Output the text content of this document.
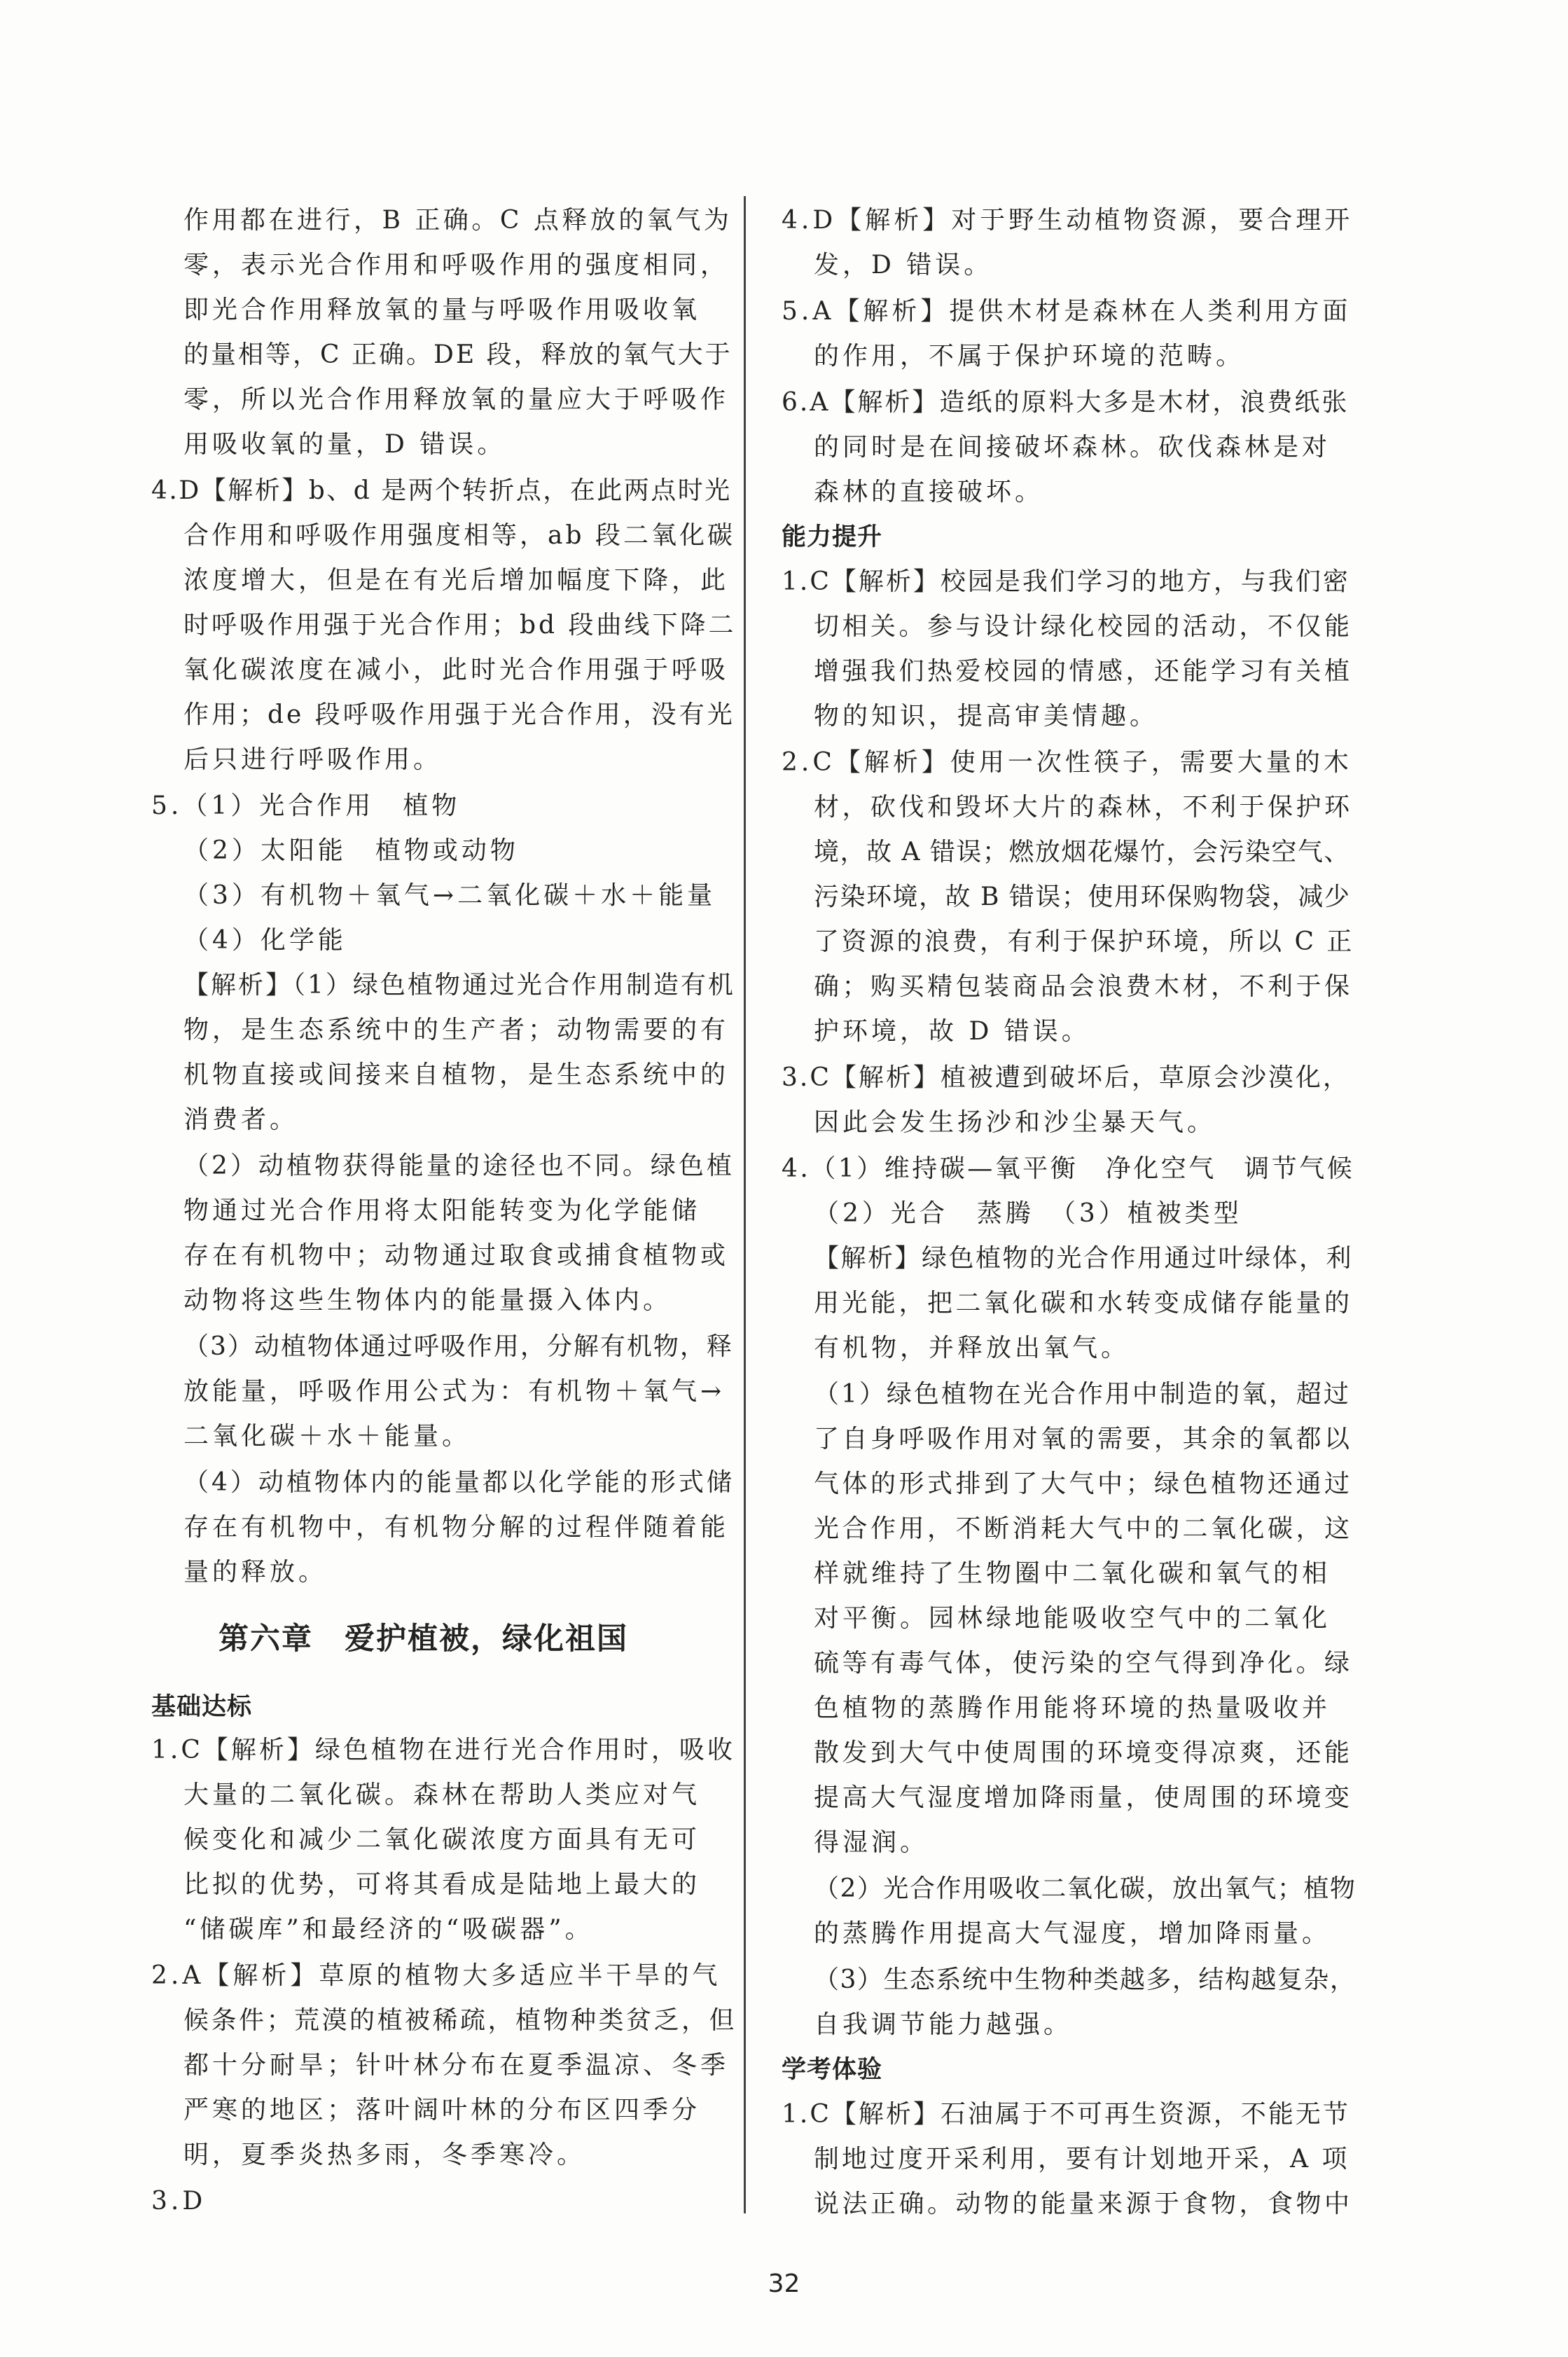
作用都在进行，B 正确。C 点释放的氧气为
零，表示光合作用和呼吸作用的强度相同，
即光合作用释放氧的量与呼吸作用吸收氧
的量相等，C 正确。DE 段，释放的氧气大于
零，所以光合作用释放氧的量应大于呼吸作
用吸收氧的量，D 错误。
4.D【解析】b、d 是两个转折点，在此两点时光
合作用和呼吸作用强度相等，ab 段二氧化碳
浓度增大，但是在有光后增加幅度下降，此
时呼吸作用强于光合作用；bd 段曲线下降二
氧化碳浓度在减小，此时光合作用强于呼吸
作用；de 段呼吸作用强于光合作用，没有光
后只进行呼吸作用。
5.（1）光合作用　植物
（2）太阳能　植物或动物
（3）有机物＋氧气→二氧化碳＋水＋能量
（4）化学能
【解析】（1）绿色植物通过光合作用制造有机
物，是生态系统中的生产者；动物需要的有
机物直接或间接来自植物，是生态系统中的
消费者。
（2）动植物获得能量的途径也不同。绿色植
物通过光合作用将太阳能转变为化学能储
存在有机物中；动物通过取食或捕食植物或
动物将这些生物体内的能量摄入体内。
（3）动植物体通过呼吸作用，分解有机物，释
放能量，呼吸作用公式为：有机物＋氧气→
二氧化碳＋水＋能量。
（4）动植物体内的能量都以化学能的形式储
存在有机物中，有机物分解的过程伴随着能
量的释放。
第六章　爱护植被，绿化祖国
基础达标
1.C【解析】绿色植物在进行光合作用时，吸收
大量的二氧化碳。森林在帮助人类应对气
候变化和减少二氧化碳浓度方面具有无可
比拟的优势，可将其看成是陆地上最大的
“储碳库”和最经济的“吸碳器”。
2.A【解析】草原的植物大多适应半干旱的气
候条件；荒漠的植被稀疏，植物种类贫乏，但
都十分耐旱；针叶林分布在夏季温凉、冬季
严寒的地区；落叶阔叶林的分布区四季分
明，夏季炎热多雨，冬季寒冷。
3.D
4.D【解析】对于野生动植物资源，要合理开
发，D 错误。
5.A【解析】提供木材是森林在人类利用方面
的作用，不属于保护环境的范畴。
6.A【解析】造纸的原料大多是木材，浪费纸张
的同时是在间接破坏森林。砍伐森林是对
森林的直接破坏。
能力提升
1.C【解析】校园是我们学习的地方，与我们密
切相关。参与设计绿化校园的活动，不仅能
增强我们热爱校园的情感，还能学习有关植
物的知识，提高审美情趣。
2.C【解析】使用一次性筷子，需要大量的木
材，砍伐和毁坏大片的森林，不利于保护环
境，故 A 错误；燃放烟花爆竹，会污染空气、
污染环境，故 B 错误；使用环保购物袋，减少
了资源的浪费，有利于保护环境，所以 C 正
确；购买精包装商品会浪费木材，不利于保
护环境，故 D 错误。
3.C【解析】植被遭到破坏后，草原会沙漠化，
因此会发生扬沙和沙尘暴天气。
4.（1）维持碳—氧平衡　净化空气　调节气候
（2）光合　蒸腾　（3）植被类型
【解析】绿色植物的光合作用通过叶绿体，利
用光能，把二氧化碳和水转变成储存能量的
有机物，并释放出氧气。
（1）绿色植物在光合作用中制造的氧，超过
了自身呼吸作用对氧的需要，其余的氧都以
气体的形式排到了大气中；绿色植物还通过
光合作用，不断消耗大气中的二氧化碳，这
样就维持了生物圈中二氧化碳和氧气的相
对平衡。园林绿地能吸收空气中的二氧化
硫等有毒气体，使污染的空气得到净化。绿
色植物的蒸腾作用能将环境的热量吸收并
散发到大气中使周围的环境变得凉爽，还能
提高大气湿度增加降雨量，使周围的环境变
得湿润。
（2）光合作用吸收二氧化碳，放出氧气；植物
的蒸腾作用提高大气湿度，增加降雨量。
（3）生态系统中生物种类越多，结构越复杂，
自我调节能力越强。
学考体验
1.C【解析】石油属于不可再生资源，不能无节
制地过度开采利用，要有计划地开采，A 项
说法正确。动物的能量来源于食物，食物中
32
